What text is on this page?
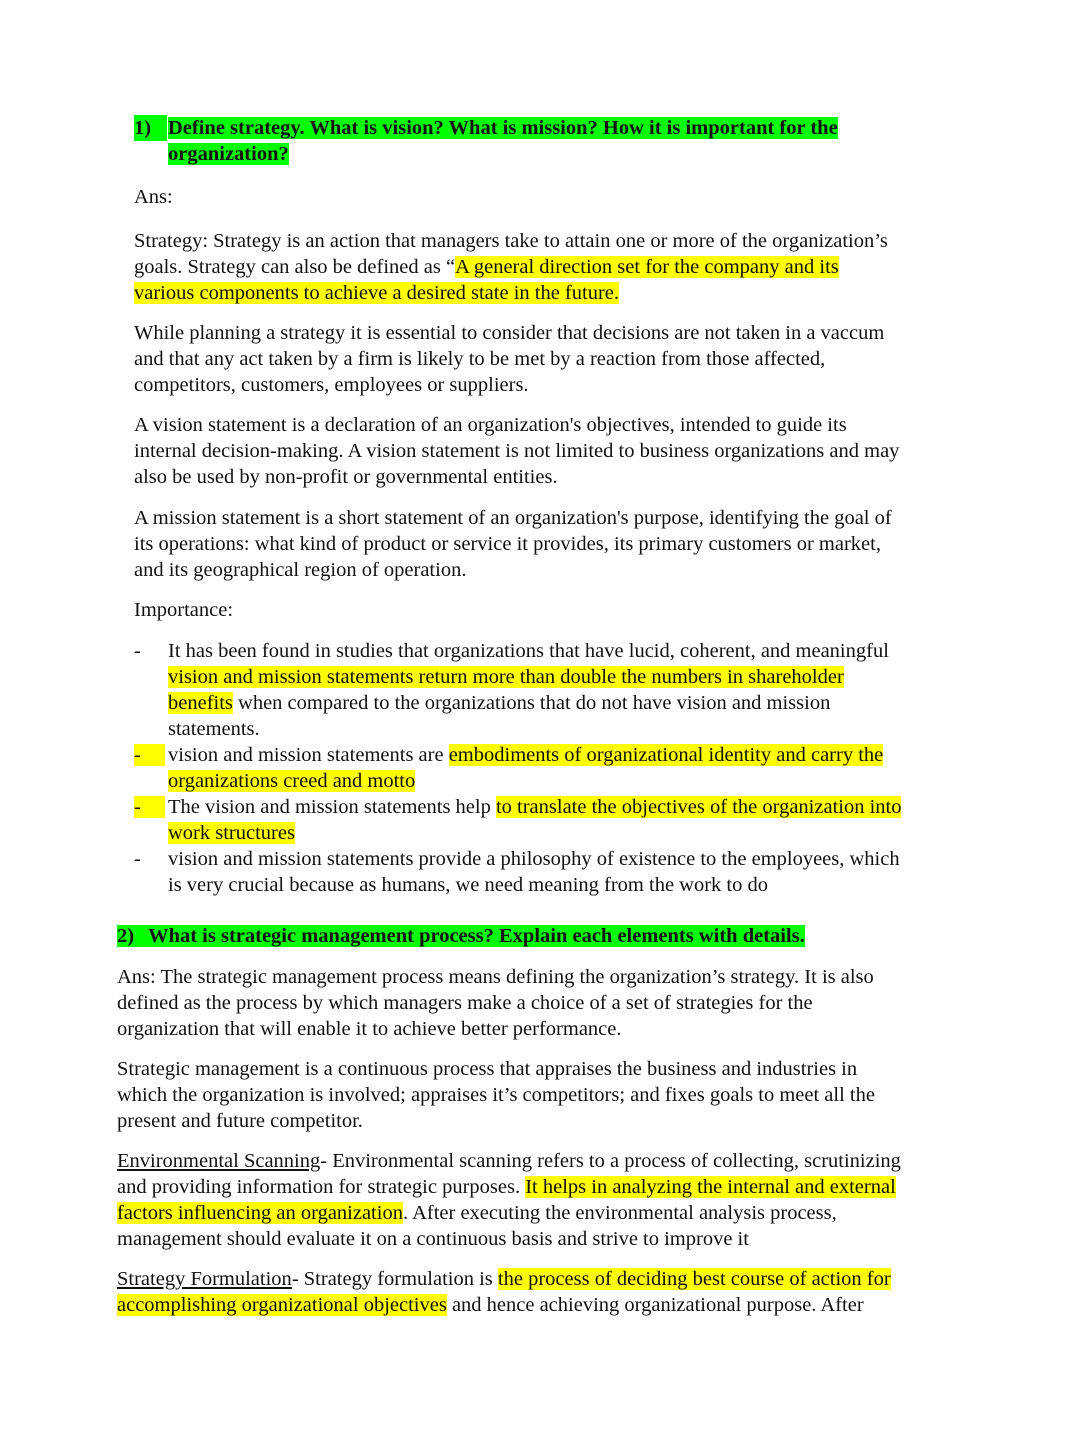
1) Define strategy. What is vision? What is mission? How it is important for the
organization?
Ans:
Strategy: Strategy is an action that managers take to attain one or more of the organization’s
goals. Strategy can also be defined as “A general direction set for the company and its
various components to achieve a desired state in the future.
While planning a strategy it is essential to consider that decisions are not taken in a vaccum
and that any act taken by a firm is likely to be met by a reaction from those affected,
competitors, customers, employees or suppliers.
A vision statement is a declaration of an organization's objectives, intended to guide its
internal decision-making. A vision statement is not limited to business organizations and may
also be used by non-profit or governmental entities.
A mission statement is a short statement of an organization's purpose, identifying the goal of
its operations: what kind of product or service it provides, its primary customers or market,
and its geographical region of operation.
Importance:
-	It has been found in studies that organizations that have lucid, coherent, and meaningful
vision and mission statements return more than double the numbers in shareholder
benefits when compared to the organizations that do not have vision and mission
statements.
-	vision and mission statements are embodiments of organizational identity and carry the
organizations creed and motto
-	The vision and mission statements help to translate the objectives of the organization into
work structures
-	vision and mission statements provide a philosophy of existence to the employees, which
is very crucial because as humans, we need meaning from the work to do
2) What is strategic management process? Explain each elements with details.
Ans: The strategic management process means defining the organization’s strategy. It is also
defined as the process by which managers make a choice of a set of strategies for the
organization that will enable it to achieve better performance.
Strategic management is a continuous process that appraises the business and industries in
which the organization is involved; appraises it’s competitors; and fixes goals to meet all the
present and future competitor.
Environmental Scanning- Environmental scanning refers to a process of collecting, scrutinizing
and providing information for strategic purposes. It helps in analyzing the internal and external
factors influencing an organization. After executing the environmental analysis process,
management should evaluate it on a continuous basis and strive to improve it
Strategy Formulation- Strategy formulation is the process of deciding best course of action for
accomplishing organizational objectives and hence achieving organizational purpose. After
